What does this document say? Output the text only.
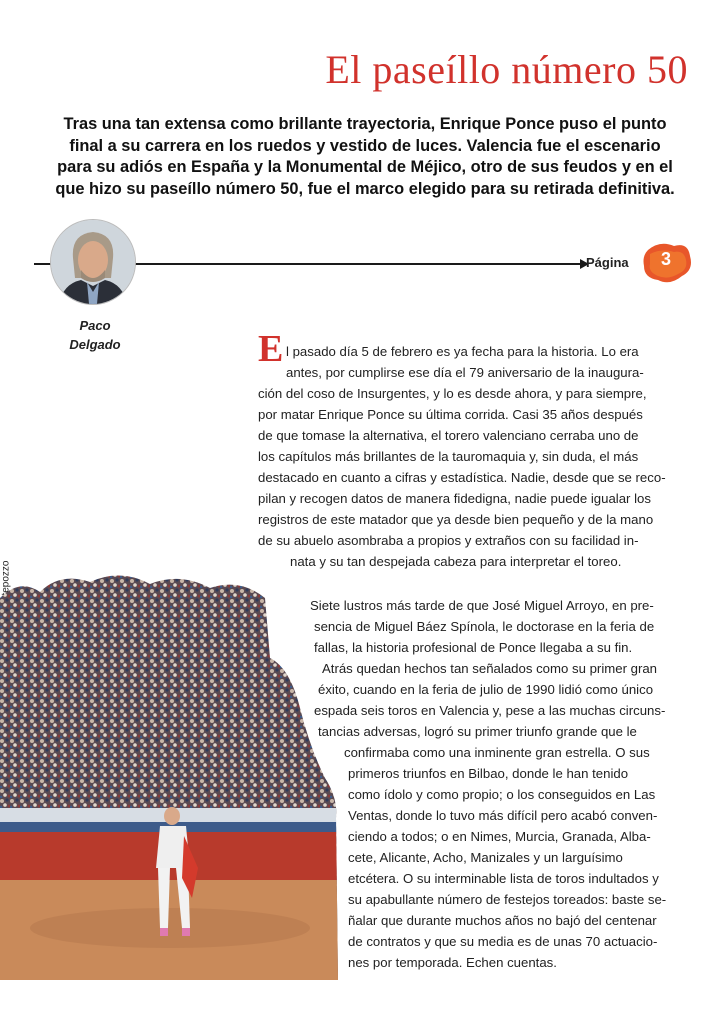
El paseíllo número 50

Tras una tan extensa como brillante trayectoria, Enrique Ponce puso el punto

final a su carrera en los ruedos y vestido de luces. Valencia fue el escenario

para su adiós en España y la Monumental de Méjico, otro de sus feudos y en el

que hizo su paseíllo número 50, fue el marco elegido para su retirada definitiva.

Página	3
Paco
Delgado	E l pasado día 5 de febrero es ya fecha para la historia. Lo era
antes, por cumplirse ese día el 79 aniversario de la inaugura-
ción del coso de Insurgentes, y lo es desde ahora, y para siempre,
por matar Enrique Ponce su última corrida. Casi 35 años después
de que tomase la alternativa, el torero valenciano cerraba uno de
los capítulos más brillantes de la tauromaquia y, sin duda, el más
destacado en cuanto a cifras y estadística. Nadie, desde que se reco-
pilan y recogen datos de manera fidedigna, nadie puede igualar los
registros de este matador que ya desde bien pequeño y de la mano
de su abuelo asombraba a propios y extraños con su facilidad in-
nata y su tan despejada cabeza para interpretar el toreo.
Siete lustros más tarde de que José Miguel Arroyo, en pre-
sencia de Miguel Báez Spínola, le doctorase en la feria de
fallas, la historia profesional de Ponce llegaba a su fin.
Atrás quedan hechos tan señalados como su primer gran
éxito, cuando en la feria de julio de 1990 lidió como único
espada seis toros en Valencia y, pese a las muchas circuns-
tancias adversas, logró su primer triunfo grande que le
confirmaba como una inminente gran estrella. O sus
primeros triunfos en Bilbao, donde le han tenido
como ídolo y como propio; o los conseguidos en Las
Ventas, donde lo tuvo más difícil pero acabó conven-
ciendo a todos; o en Nimes, Murcia, Granada, Alba-
cete, Alicante, Acho, Manizales y un larguísimo
etcétera. O su interminable lista de toros indultados y
su apabullante número de festejos toreados: baste se-
ñalar que durante muchos años no bajó del centenar
de contratos y que su media es de unas 70 actuacio-
nes por temporada. Echen cuentas.
